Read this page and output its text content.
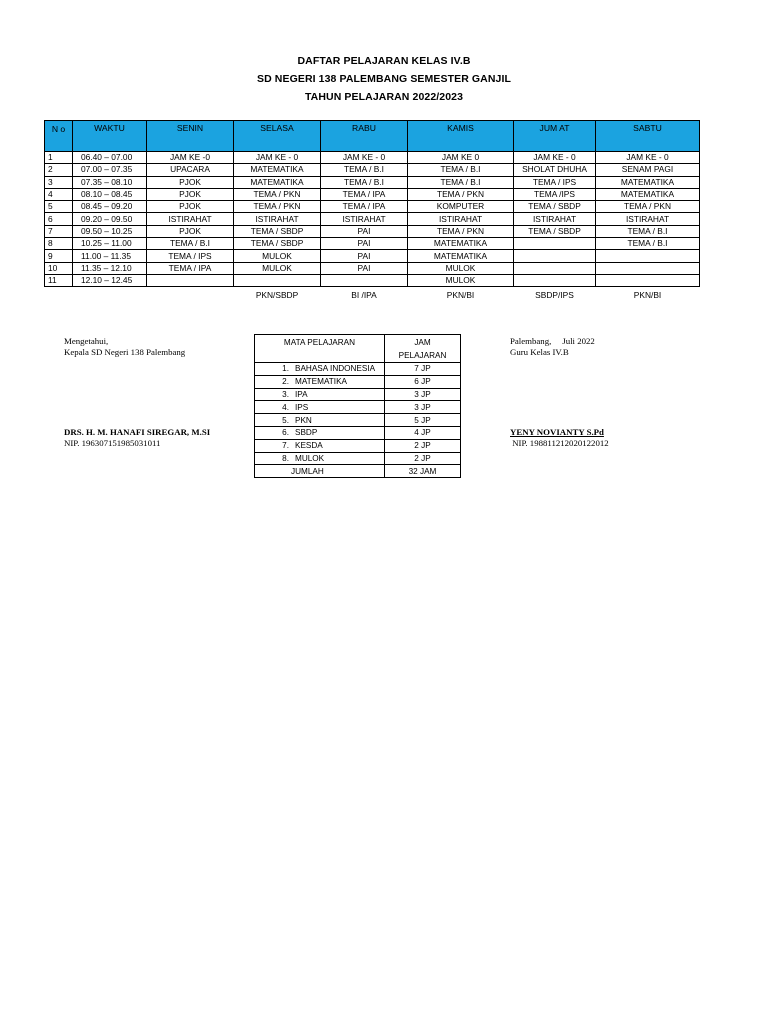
DAFTAR PELAJARAN KELAS IV.B
SD NEGERI 138 PALEMBANG SEMESTER GANJIL
TAHUN PELAJARAN 2022/2023
N o	WAKTU	SENIN	SELASA	RABU	KAMIS	JUM AT	SABTU
1	06.40 – 07.00	JAM KE -0	JAM KE - 0	JAM KE - 0	JAM KE 0	JAM KE - 0	JAM KE - 0
2	07.00 – 07.35	UPACARA	MATEMATIKA	TEMA / B.I	TEMA / B.I	SHOLAT DHUHA	SENAM PAGI
3	07.35 – 08.10	PJOK	MATEMATIKA	TEMA / B.I	TEMA / B.I	TEMA / IPS	MATEMATIKA
4	08.10 – 08.45	PJOK	TEMA / PKN	TEMA / IPA	TEMA / PKN	TEMA /IPS	MATEMATIKA
5	08.45 – 09.20	PJOK	TEMA / PKN	TEMA / IPA	KOMPUTER	TEMA / SBDP	TEMA / PKN
6	09.20 – 09.50	ISTIRAHAT	ISTIRAHAT	ISTIRAHAT	ISTIRAHAT	ISTIRAHAT	ISTIRAHAT
7	09.50 – 10.25	PJOK	TEMA / SBDP	PAI	TEMA / PKN	TEMA / SBDP	TEMA / B.I
8	10.25 – 11.00	TEMA / B.I	TEMA / SBDP	PAI	MATEMATIKA		TEMA / B.I
9	11.00 – 11.35	TEMA / IPS	MULOK	PAI	MATEMATIKA		
10	11.35 – 12.10	TEMA / IPA	MULOK	PAI	MULOK		
11	12.10 – 12.45				MULOK		
			PKN/SBDP	BI /IPA	PKN/BI	SBDP/IPS	PKN/BI
Mengetahui,
Kepala SD Negeri 138 Palembang
DRS. H. M. HANAFI SIREGAR, M.SI
NIP. 196307151985031011
MATA PELAJARAN	JAM
PELAJARAN

1. BAHASA INDONESIA	7 JP
2. MATEMATIKA	6 JP
3. IPA	3 JP
4. IPS	3 JP
5. PKN	5 JP
6. SBDP	4 JP
7. KESDA	2 JP
8. MULOK	2 JP
JUMLAH	32 JAM
Palembang,     Juli 2022
Guru Kelas IV.B
YENY NOVIANTY S.Pd
NIP. 198811212020122012
